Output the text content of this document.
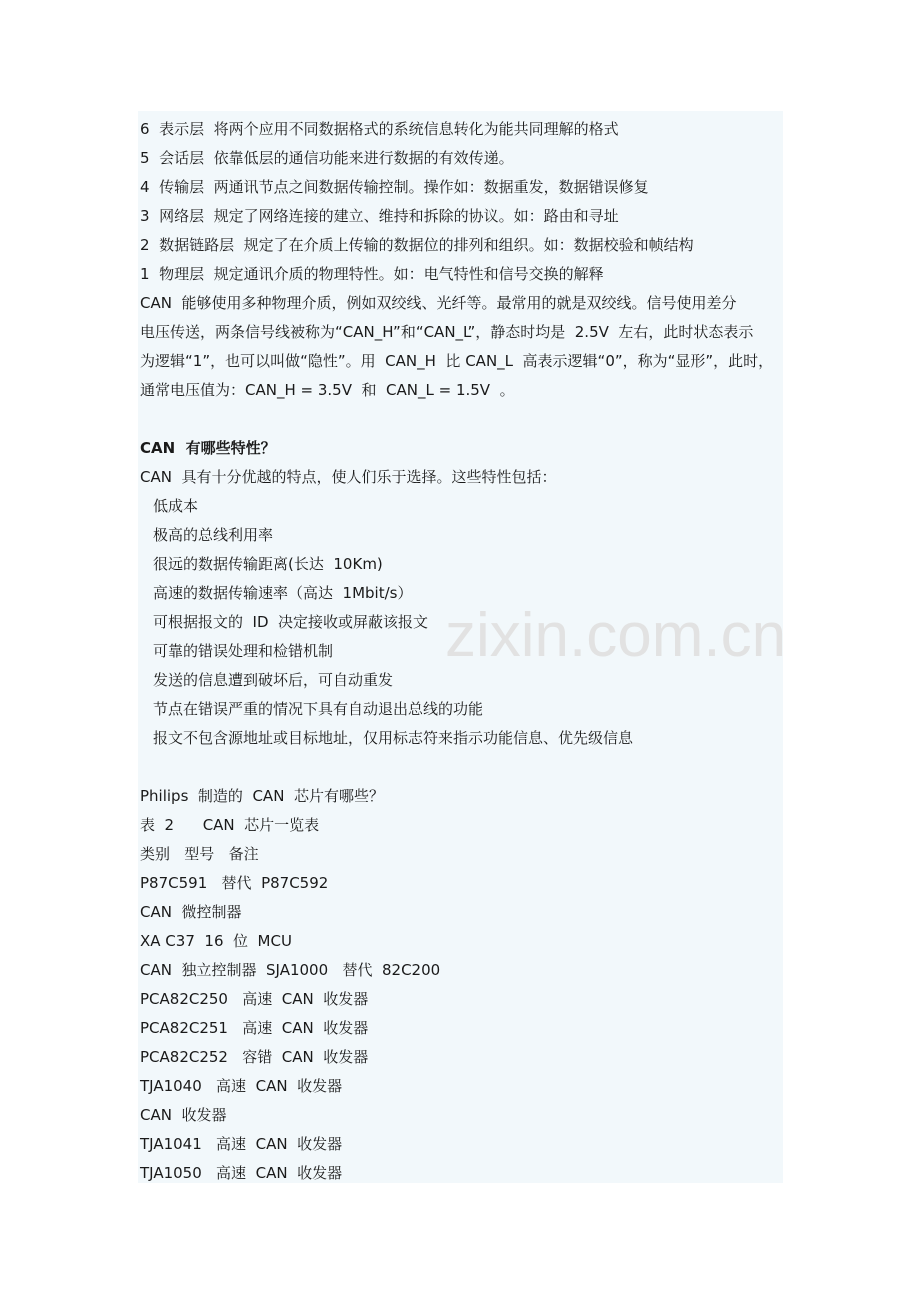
6  表示层  将两个应用不同数据格式的系统信息转化为能共同理解的格式
5  会话层  依靠低层的通信功能来进行数据的有效传递。
4  传输层  两通讯节点之间数据传输控制。操作如：数据重发，数据错误修复
3  网络层  规定了网络连接的建立、维持和拆除的协议。如：路由和寻址
2  数据链路层  规定了在介质上传输的数据位的排列和组织。如：数据校验和帧结构
1  物理层  规定通讯介质的物理特性。如：电气特性和信号交换的解释
CAN  能够使用多种物理介质，例如双绞线、光纤等。最常用的就是双绞线。信号使用差分
电压传送，两条信号线被称为“CAN_H”和“CAN_L”，静态时均是  2.5V  左右，此时状态表示
为逻辑“1”，也可以叫做“隐性”。用  CAN_H  比 CAN_L  高表示逻辑“0”，称为“显形”，此时，
通常电压值为：CAN_H = 3.5V  和  CAN_L = 1.5V  。
CAN  有哪些特性？
CAN  具有十分优越的特点，使人们乐于选择。这些特性包括：
低成本
极高的总线利用率
很远的数据传输距离(长达  10Km)
高速的数据传输速率（高达  1Mbit/s）
可根据报文的  ID  决定接收或屏蔽该报文
可靠的错误处理和检错机制
发送的信息遭到破坏后，可自动重发
节点在错误严重的情况下具有自动退出总线的功能
报文不包含源地址或目标地址，仅用标志符来指示功能信息、优先级信息
Philips  制造的  CAN  芯片有哪些？
表  2      CAN  芯片一览表
类别   型号   备注
P87C591   替代  P87C592
CAN  微控制器
XA C37  16  位  MCU
CAN  独立控制器  SJA1000   替代  82C200
PCA82C250   高速  CAN  收发器
PCA82C251   高速  CAN  收发器
PCA82C252   容错  CAN  收发器
TJA1040   高速  CAN  收发器
CAN  收发器
TJA1041   高速  CAN  收发器
TJA1050   高速  CAN  收发器
zixin.com.cn
